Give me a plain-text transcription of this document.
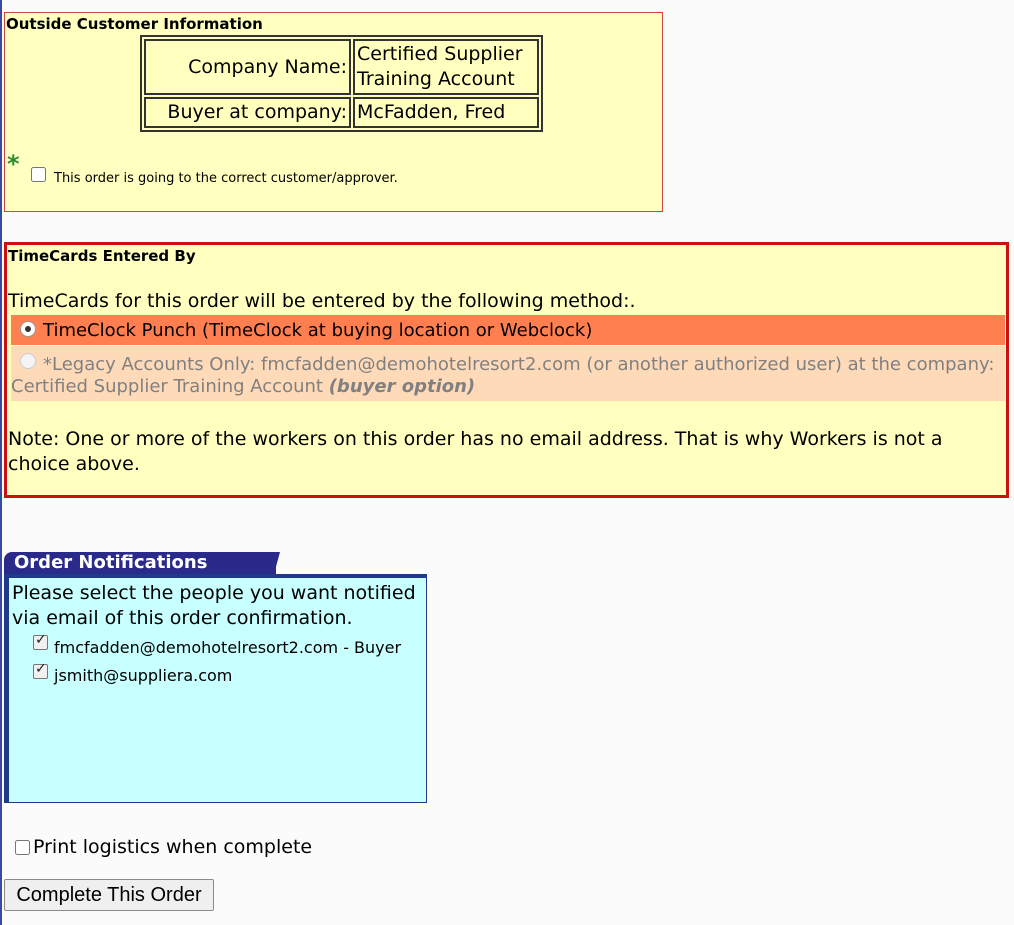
Outside Customer Information
Company Name:	Certified Supplier Training Account
Buyer at company:	McFadden, Fred
*
This order is going to the correct customer/approver.
TimeCards Entered By
TimeCards for this order will be entered by the following method:.
TimeClock Punch (TimeClock at buying location or Webclock)
*Legacy Accounts Only: fmcfadden@demohotelresort2.com (or another authorized user) at the company: Certified Supplier Training Account (buyer option)
Note: One or more of the workers on this order has no email address. That is why Workers is not a choice above.
Order Notifications
Please select the people you want notified via email of this order confirmation.
✓
fmcfadden@demohotelresort2.com - Buyer
✓
jsmith@suppliera.com
Print logistics when complete
Complete This Order
